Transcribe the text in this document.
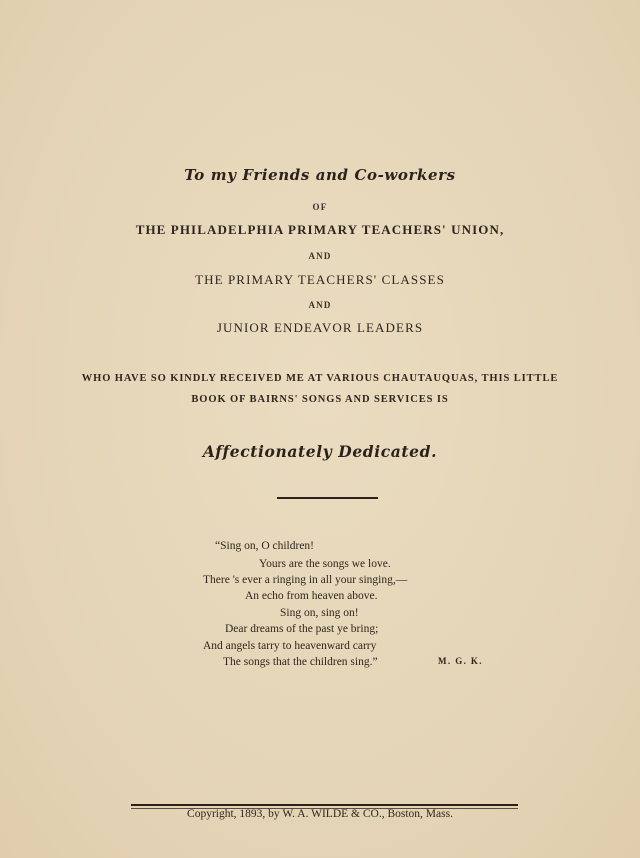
To my Friends and Co-workers
OF
THE PHILADELPHIA PRIMARY TEACHERS' UNION,
AND
THE PRIMARY TEACHERS' CLASSES
AND
JUNIOR ENDEAVOR LEADERS
WHO HAVE SO KINDLY RECEIVED ME AT VARIOUS CHAUTAUQUAS, THIS LITTLE
BOOK OF BAIRNS' SONGS AND SERVICES IS
Affectionately Dedicated.
“Sing on, O children!
Yours are the songs we love.
There 's ever a ringing in all your singing,—
An echo from heaven above.
Sing on, sing on!
Dear dreams of the past ye bring;
And angels tarry to heavenward carry
The songs that the children sing.”	M. G. K.
Copyright, 1893, by W. A. WILDE & CO., Boston, Mass.
